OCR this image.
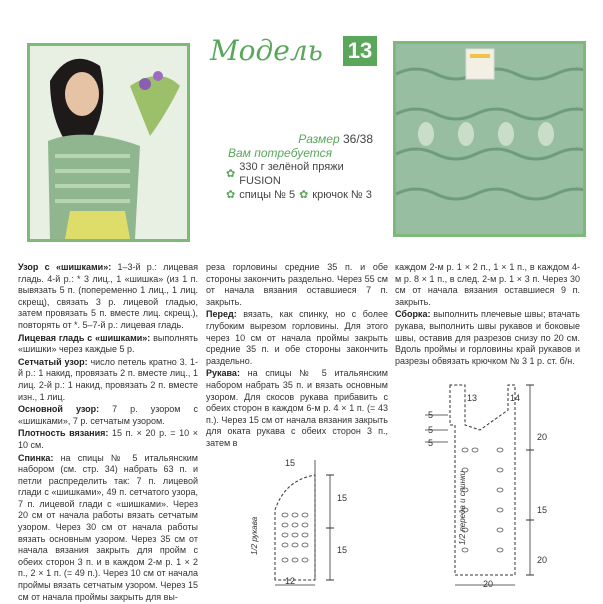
Модель 13
Размер 36/38
Вам потребуется
✿
330 г зелёной пряжи FUSION
✿ спицы № 5 ✿ крючок № 3

Узор с «шишками»: 1–3-й р.: лицевая гладь. 4-й р.: * 3 лиц., 1 «шишка» (из 1 п. вывязать 5 п. (попеременно 1 лиц., 1 лиц. скрещ), связать 3 р. лицевой гладью, затем провязать 5 п. вместе лиц. скрещ.), повторять от *. 5–7-й р.: лицевая гладь.

Лицевая гладь с «шишками»: выполнять «шишки» через каждые 5 р.

Сетчатый узор: число петель кратно 3. 1-й р.: 1 накид, провязать 2 п. вместе лиц., 1 лиц. 2-й р.: 1 накид, провязать 2 п. вместе изн., 1 лиц.

Основной узор: 7 р. узором с «шишками», 7 р. сетчатым узором.

Плотность вязания: 15 п. × 20 р. = 10 × 10 см.

Спинка: на спицы № 5 итальянским набором (см. стр. 34) набрать 63 п. и петли распределить так: 7 п. лицевой глади с «шишками», 49 п. сетчатого узора, 7 п. лицевой глади с «шишками». Через 20 см от начала работы вязать сетчатым узором. Через 30 см от начала работы вязать основным узором. Через 35 см от начала вязания закрыть для пройм с обеих сторон 3 п. и в каждом 2-м р. 1 × 2 п., 2 × 1 п. (= 49 п.). Через 10 см от начала проймы вязать сетчатым узором. Через 15 см от начала проймы закрыть для вы-

реза горловины средние 35 п. и обе стороны закончить раздельно. Через 55 см от начала вязания оставшиеся 7 п. закрыть.

Перед: вязать, как спинку, но с более глубоким вырезом горловины. Для этого через 10 см от начала проймы закрыть средние 35 п. и обе стороны закончить раздельно.

Рукава: на спицы № 5 итальянским набором набрать 35 п. и вязать основным узором. Для скосов рукава прибавить с обеих сторон в каждом 6-м р. 4 × 1 п. (= 43 п.). Через 15 см от начала вязания закрыть для оката рукава с обеих сторон 3 п., затем в

каждом 2-м р. 1 × 2 п., 1 × 1 п., в каждом 4-м р. 8 × 1 п., в след. 2-м р. 1 × 3 п. Через 30 см от начала вязания оставшиеся 9 п. закрыть.

Сборка: выполнить плечевые швы; втачать рукава, выполнить швы рукавов и боковые швы, оставив для разрезов снизу по 20 см. Вдоль проймы и горловины край рукавов и разрезы обвязать крючком № 3 1 р. ст. б/н.

15
15
15
12
1/2 рукава
13	14
5
5
5
20
15
20
20
1/2 переда и спинки
